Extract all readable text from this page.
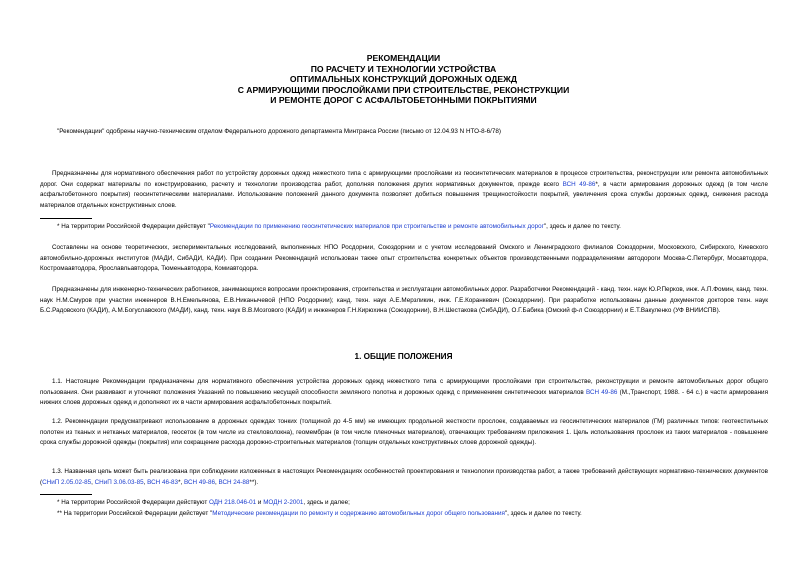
РЕКОМЕНДАЦИИ
ПО РАСЧЕТУ И ТЕХНОЛОГИИ УСТРОЙСТВА
ОПТИМАЛЬНЫХ КОНСТРУКЦИЙ ДОРОЖНЫХ ОДЕЖД
С АРМИРУЮЩИМИ ПРОСЛОЙКАМИ ПРИ СТРОИТЕЛЬСТВЕ, РЕКОНСТРУКЦИИ
И РЕМОНТЕ ДОРОГ С АСФАЛЬТОБЕТОННЫМИ ПОКРЫТИЯМИ
"Рекомендации" одобрены научно-техническим отделом Федерального дорожного департамента Минтранса России (письмо от 12.04.93 N НТО-8-6/78)
Предназначены для нормативного обеспечения работ по устройству дорожных одежд нежесткого типа с армирующими прослойками из геосинтетических материалов в процессе строительства, реконструкции или ремонта автомобильных дорог. Они содержат материалы по конструированию, расчету и технологии производства работ, дополняя положения других нормативных документов, прежде всего ВСН 49-86*, в части армирования дорожных одежд (в том числе асфальтобетонного покрытия) геосинтетическими материалами. Использование положений данного документа позволяет добиться повышения трещиностойкости покрытий, увеличения срока службы дорожных одежд, снижения расхода материалов отдельных конструктивных слоев.
* На территории Российской Федерации действует "Рекомендации по применению геосинтетических материалов при строительстве и ремонте автомобильных дорог", здесь и далее по тексту.
Составлены на основе теоретических, экспериментальных исследований, выполненных НПО Росдорнии, Союздорнии и с учетом исследований Омского и Ленинградского филиалов Союздорнии, Московского, Сибирского, Киевского автомобильно-дорожных институтов (МАДИ, СибАДИ, КАДИ). При создании Рекомендаций использован также опыт строительства конкретных объектов производственными подразделениями автодороги Москва-С.Петербург, Мосавтодора, Костромаавтодора, Ярославльавтодора, Тюменьавтодора, Комиавтодора.
Предназначены для инженерно-технических работников, занимающихся вопросами проектирования, строительства и эксплуатации автомобильных дорог. Разработчики Рекомендаций - канд. техн. наук Ю.Р.Перков, инж. А.П.Фомин, канд. техн. наук Н.М.Смуров при участии инженеров В.Н.Емельянова, Е.В.Никанычевой (НПО Росдорнии); канд. техн. наук А.Е.Мерзликин, инж. Г.Е.Коранкевич (Союздорнии). При разработке использованы данные документов докторов техн. наук Б.С.Радовского (КАДИ), А.М.Богуславского (МАДИ), канд. техн. наук В.В.Мозгового (КАДИ) и инженеров Г.Н.Кирюхина (Союздорнии), В.Н.Шестакова (СибАДИ), О.Г.Бабика (Омский ф-л Союздорнии) и Е.Т.Вакуленко (УФ ВНИИСПВ).
1. ОБЩИЕ ПОЛОЖЕНИЯ
1.1. Настоящие Рекомендации предназначены для нормативного обеспечения устройства дорожных одежд нежесткого типа с армирующими прослойками при строительстве, реконструкции и ремонте автомобильных дорог общего пользования. Они развивают и уточняют положения Указаний по повышению несущей способности земляного полотна и дорожных одежд с применением синтетических материалов ВСН 49-86 (М.,Транспорт, 1988. - 64 с.) в части армирования нижних слоев дорожных одежд и дополняют их в части армирования асфальтобетонных покрытий.
1.2. Рекомендации предусматривают использование в дорожных одеждах тонких (толщиной до 4-5 мм) не имеющих продольной жесткости прослоек, создаваемых из геосинтетических материалов (ГМ) различных типов: геотекстильных полотен из тканых и нетканых материалов, геосеток (в том числе из стекловолокна), геомембран (в том числе пленочных материалов), отвечающих требованиям приложения 1. Цель использования прослоек из таких материалов - повышение срока службы дорожной одежды (покрытия) или сокращение расхода дорожно-строительных материалов (толщин отдельных конструктивных слоев дорожной одежды).
1.3. Названная цель может быть реализована при соблюдении изложенных в настоящих Рекомендациях особенностей проектирования и технологии производства работ, а также требований действующих нормативно-технических документов (СНиП 2.05.02-85, СНиП 3.06.03-85, ВСН 46-83*, ВСН 49-86, ВСН 24-88**).
* На территории Российской Федерации действуют ОДН 218.046-01 и МОДН 2-2001, здесь и далее;
** На территории Российской Федерации действует "Методические рекомендации по ремонту и содержанию автомобильных дорог общего пользования", здесь и далее по тексту.
